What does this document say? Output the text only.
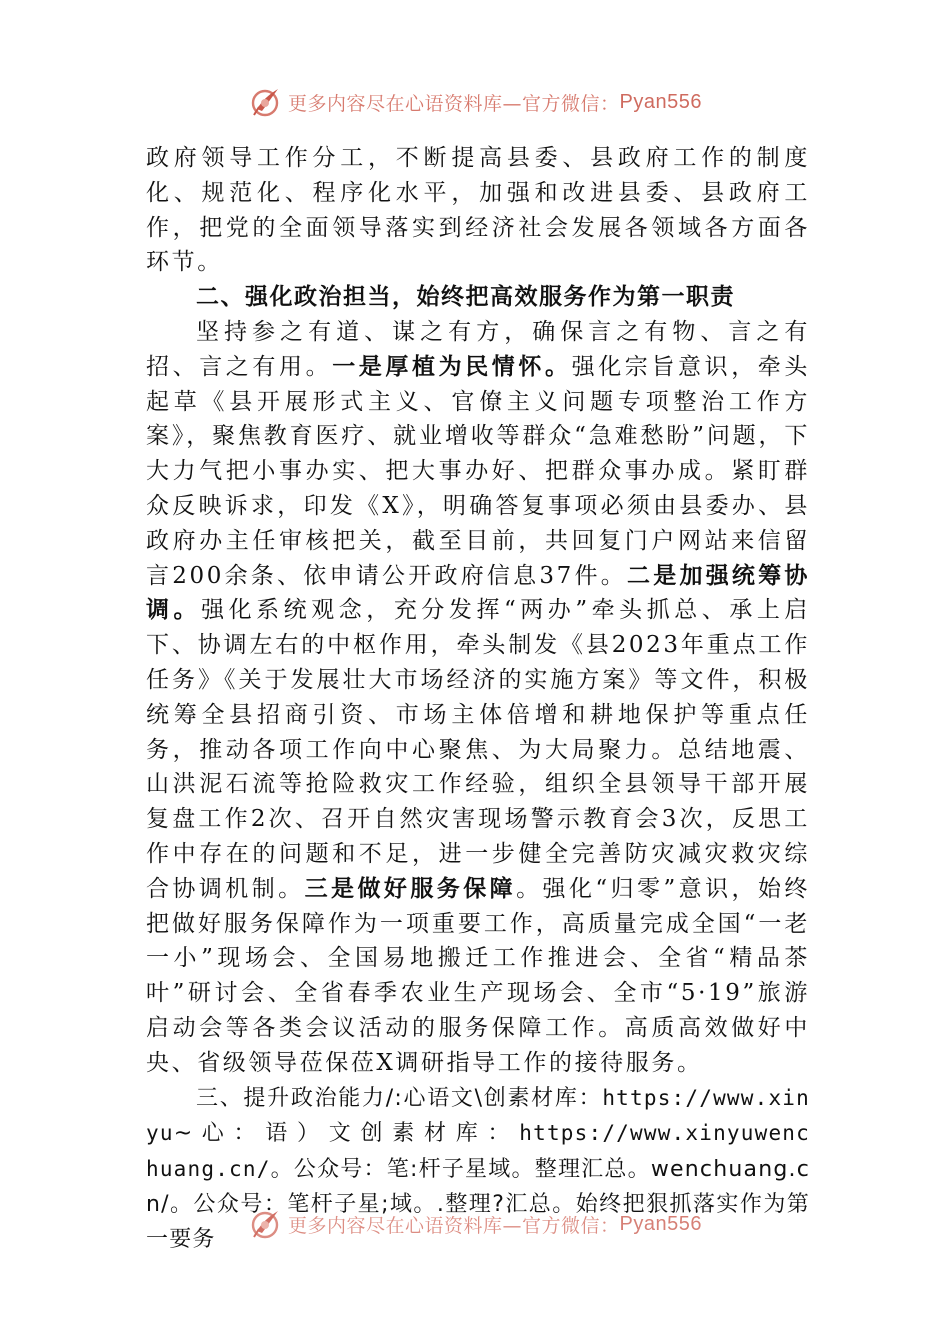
更多内容尽在心语资料库—官方微信： Pyan556

政府领导工作分工，不断提高县委、县政府工作的制度化、规范化、程序化水平，加强和改进县委、县政府工作，把党的全面领导落实到经济社会发展各领域各方面各环节。

二、强化政治担当，始终把高效服务作为第一职责

坚持参之有道、谋之有方，确保言之有物、言之有招、言之有用。一是厚植为民情怀。强化宗旨意识，牵头起草《县开展形式主义、官僚主义问题专项整治工作方案》，聚焦教育医疗、就业增收等群众“急难愁盼”问题，下大力气把小事办实、把大事办好、把群众事办成。紧盯群众反映诉求，印发《X》，明确答复事项必须由县委办、县政府办主任审核把关，截至目前，共回复门户网站来信留言200余条、依申请公开政府信息37件。二是加强统筹协调。强化系统观念，充分发挥“两办”牵头抓总、承上启下、协调左右的中枢作用，牵头制发《县2023年重点工作任务》《关于发展壮大市场经济的实施方案》等文件，积极统筹全县招商引资、市场主体倍增和耕地保护等重点任务，推动各项工作向中心聚焦、为大局聚力。总结地震、山洪泥石流等抢险救灾工作经验，组织全县领导干部开展复盘工作2次、召开自然灾害现场警示教育会3次，反思工作中存在的问题和不足，进一步健全完善防灾减灾救灾综合协调机制。三是做好服务保障。强化“归零”意识，始终把做好服务保障作为一项重要工作，高质量完成全国“一老一小”现场会、全国易地搬迁工作推进会、全省“精品茶叶”研讨会、全省春季农业生产现场会、全市“5·19”旅游启动会等各类会议活动的服务保障工作。高质高效做好中央、省级领导莅保莅X调研指导工作的接待服务。

三、提升政治能力/:心语文\创素材库：https://www.xinyu~ 心 ： 语 ） 文 创 素 材 库 ： https://www.xinyuwenchuang.cn/。公众号：笔:杆子星域。整理汇总。wenchuang.cn/。公众号：笔杆子星;域。.整理?汇总。始终把狠抓落实作为第一要务

更多内容尽在心语资料库—官方微信： Pyan556
